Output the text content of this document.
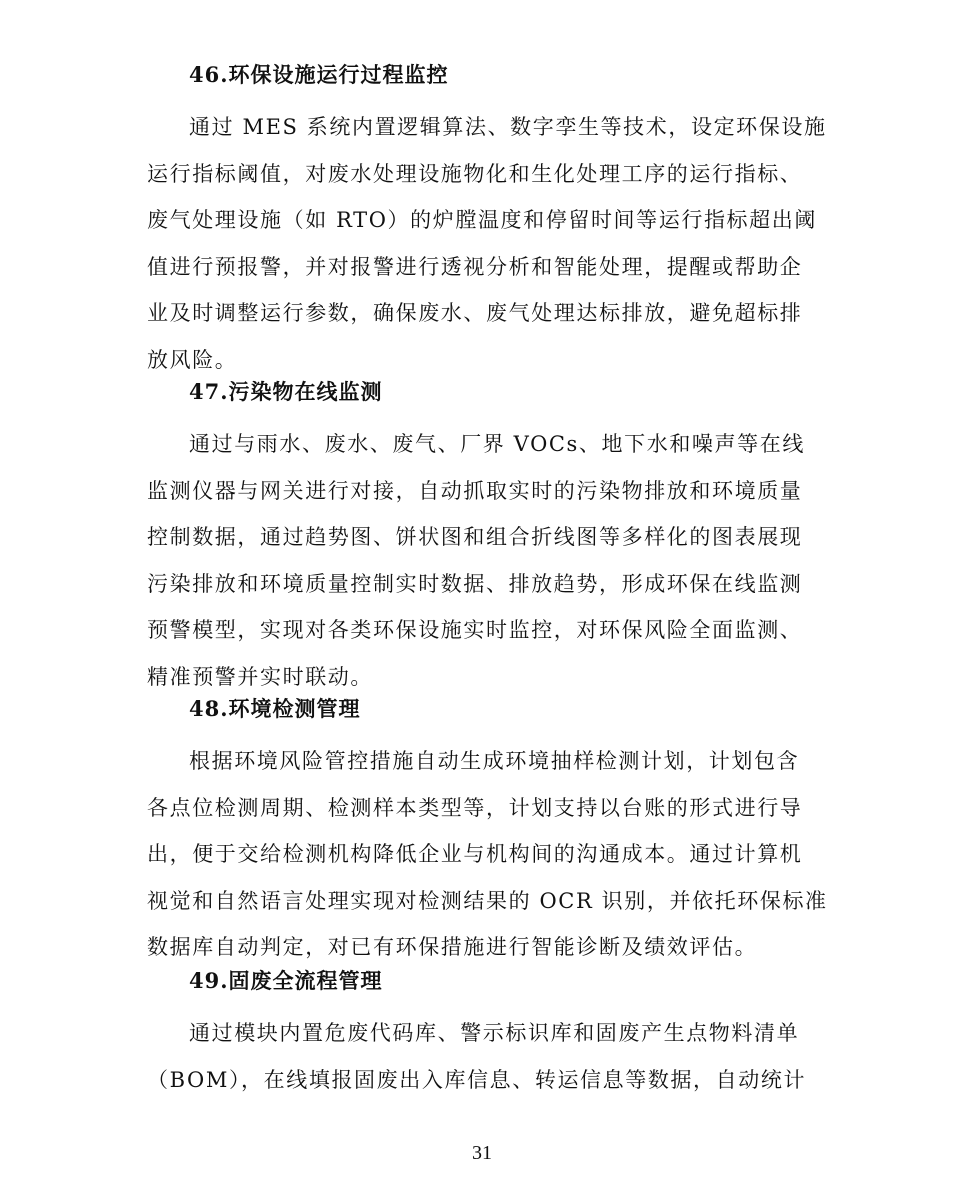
46.环保设施运行过程监控

通过 MES 系统内置逻辑算法、数字孪生等技术，设定环保设施
运行指标阈值，对废水处理设施物化和生化处理工序的运行指标、
废气处理设施（如 RTO）的炉膛温度和停留时间等运行指标超出阈
值进行预报警，并对报警进行透视分析和智能处理，提醒或帮助企
业及时调整运行参数，确保废水、废气处理达标排放，避免超标排
放风险。

47.污染物在线监测

通过与雨水、废水、废气、厂界 VOCs、地下水和噪声等在线
监测仪器与网关进行对接，自动抓取实时的污染物排放和环境质量
控制数据，通过趋势图、饼状图和组合折线图等多样化的图表展现
污染排放和环境质量控制实时数据、排放趋势，形成环保在线监测
预警模型，实现对各类环保设施实时监控，对环保风险全面监测、
精准预警并实时联动。

48.环境检测管理

根据环境风险管控措施自动生成环境抽样检测计划，计划包含
各点位检测周期、检测样本类型等，计划支持以台账的形式进行导
出，便于交给检测机构降低企业与机构间的沟通成本。通过计算机
视觉和自然语言处理实现对检测结果的 OCR 识别，并依托环保标准
数据库自动判定，对已有环保措施进行智能诊断及绩效评估。

49.固废全流程管理

通过模块内置危废代码库、警示标识库和固废产生点物料清单
（BOM），在线填报固废出入库信息、转运信息等数据，自动统计

31
